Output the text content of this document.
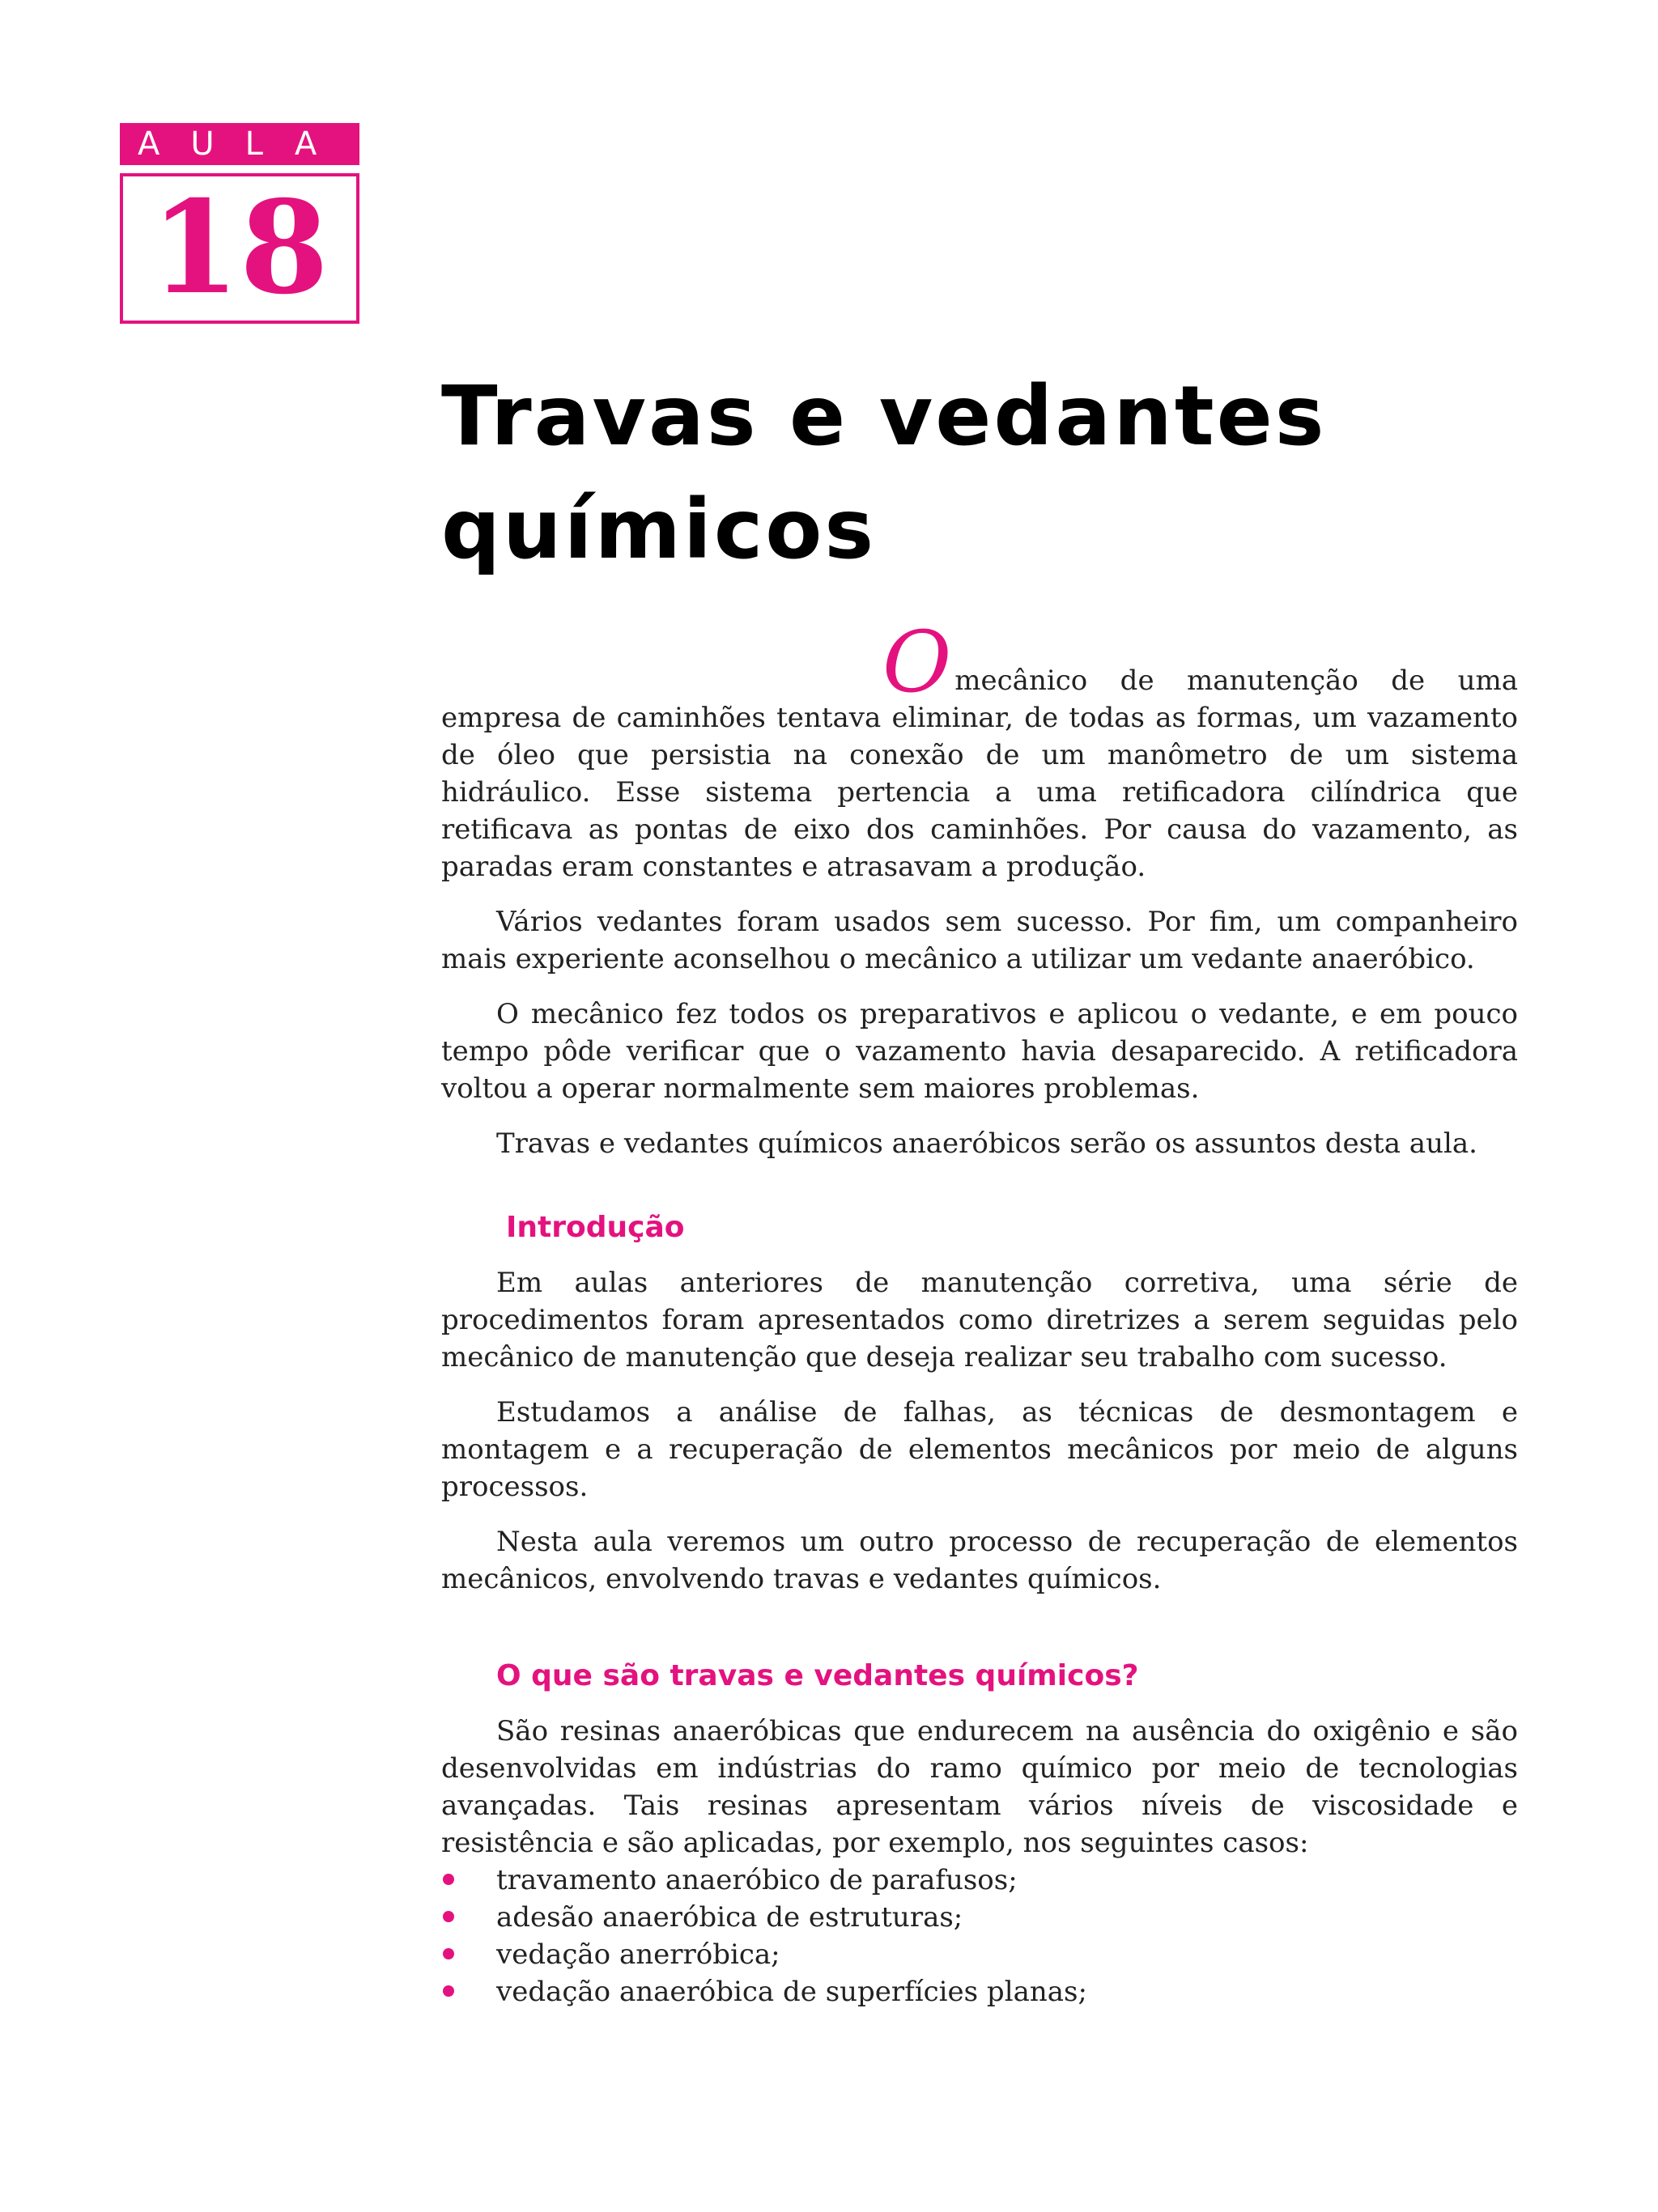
AULA
18
Travas e vedantes
químicos

Omecânico de manutenção de uma empresa de caminhões tentava eliminar, de todas as formas, um vazamento de óleo que persistia na conexão de um manômetro de um sistema hidráulico. Esse sistema pertencia a uma retificadora cilíndrica que retificava as pontas de eixo dos caminhões. Por causa do vazamento, as paradas eram constantes e atrasavam a produção.

Vários vedantes foram usados sem sucesso. Por fim, um companheiro mais experiente aconselhou o mecânico a utilizar um vedante anaeróbico.

O mecânico fez todos os preparativos e aplicou o vedante, e em pouco tempo pôde verificar que o vazamento havia desaparecido. A retificadora voltou a operar normalmente sem maiores problemas.

Travas e vedantes químicos anaeróbicos serão os assuntos desta aula.

Introdução

Em aulas anteriores de manutenção corretiva, uma série de procedimentos foram apresentados como diretrizes a serem seguidas pelo mecânico de manutenção que deseja realizar seu trabalho com sucesso.

Estudamos a análise de falhas, as técnicas de desmontagem e montagem e a recuperação de elementos mecânicos por meio de alguns processos.

Nesta aula veremos um outro processo de recuperação de elementos mecânicos, envolvendo travas e vedantes químicos.

O que são travas e vedantes químicos?

São resinas anaeróbicas que endurecem na ausência do oxigênio e são desenvolvidas em indústrias do ramo químico por meio de tecnologias avançadas. Tais resinas apresentam vários níveis de viscosidade e resistência e são aplicadas, por exemplo, nos seguintes casos:

travamento anaeróbico de parafusos;
adesão anaeróbica de estruturas;
vedação anerróbica;
vedação anaeróbica de superfícies planas;
